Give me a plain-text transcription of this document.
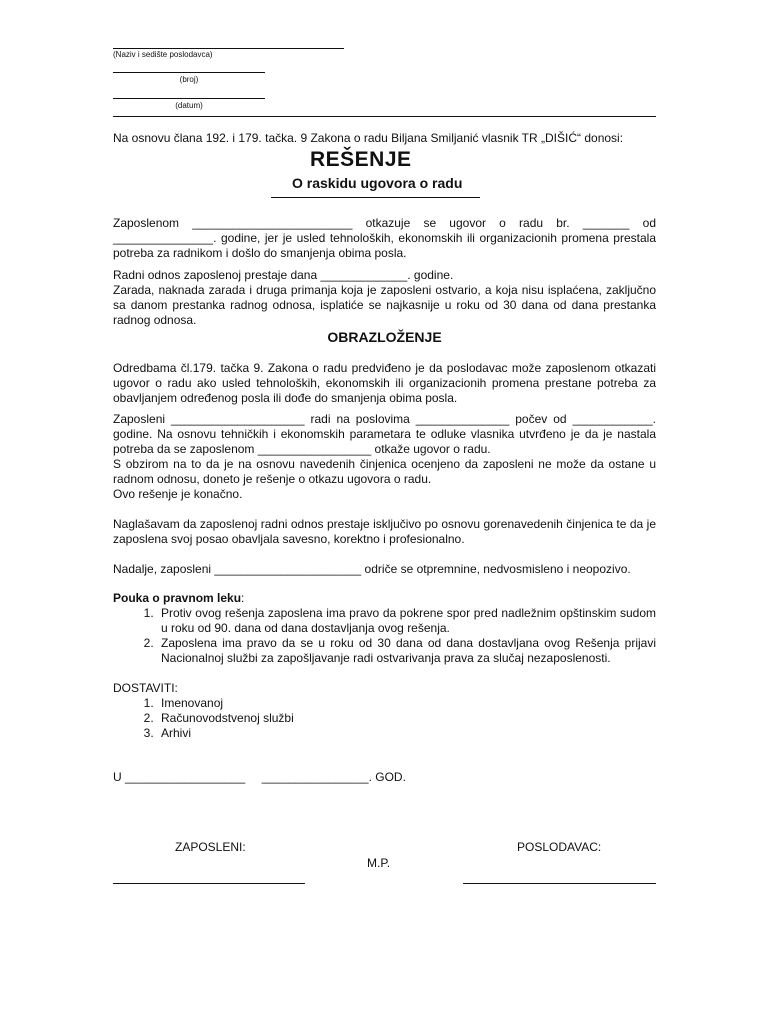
(Naziv i sedište poslodavca)
(broj)
(datum)
Na osnovu člana 192. i 179. tačka. 9 Zakona o radu Biljana Smiljanić vlasnik TR „DIŠIĆ“ donosi:
REŠENJE
O raskidu ugovora o radu
Zaposlenom ________________________ otkazuje se ugovor o radu br. _______ od _______________. godine, jer je usled tehnoloških, ekonomskih ili organizacionih promena prestala potreba za radnikom i došlo do smanjenja obima posla.
Radni odnos zaposlenoj prestaje dana _____________. godine.
Zarada, naknada zarada i druga primanja koja je zaposleni ostvario, a koja nisu isplaćena, zaključno sa danom prestanka radnog odnosa, isplatiće se najkasnije u roku od 30 dana od dana prestanka radnog odnosa.
OBRAZLOŽENJE
Odredbama čl.179. tačka 9. Zakona o radu predviđeno je da poslodavac može zaposlenom otkazati ugovor o radu ako usled tehnoloških, ekonomskih ili organizacionih promena prestane potreba za obavljanjem određenog posla ili dođe do smanjenja obima posla.
Zaposleni ____________________ radi na poslovima ______________ počev od ____________. godine. Na osnovu tehničkih i ekonomskih parametara te odluke vlasnika utvrđeno je da je nastala potreba da se zaposlenom _________________ otkaže ugovor o radu.
S obzirom na to da je na osnovu navedenih činjenica ocenjeno da zaposleni ne može da ostane u radnom odnosu, doneto je rešenje o otkazu ugovora o radu.
Ovo rešenje je konačno.
Naglašavam da zaposlenoj radni odnos prestaje isključivo po osnovu gorenavedenih činjenica te da je zaposlena svoj posao obavljala savesno, korektno i profesionalno.
Nadalje, zaposleni ______________________ odriče se otpremnine, nedvosmisleno i neopozivo.
Pouka o pravnom leku:
1. Protiv ovog rešenja zaposlena ima pravo da pokrene spor pred nadležnim opštinskim sudom u roku od 90. dana od dana dostavljanja ovog rešenja.
2. Zaposlena ima pravo da se u roku od 30 dana od dana dostavljana ovog Rešenja prijavi Nacionalnoj službi za zapošljavanje radi ostvarivanja prava za slučaj nezaposlenosti.
DOSTAVITI:
1. Imenovanoj
2. Računovodstvenoj službi
3. Arhivi
U __________________     ________________. GOD.
ZAPOSLENI:
M.P.
POSLODAVAC:
